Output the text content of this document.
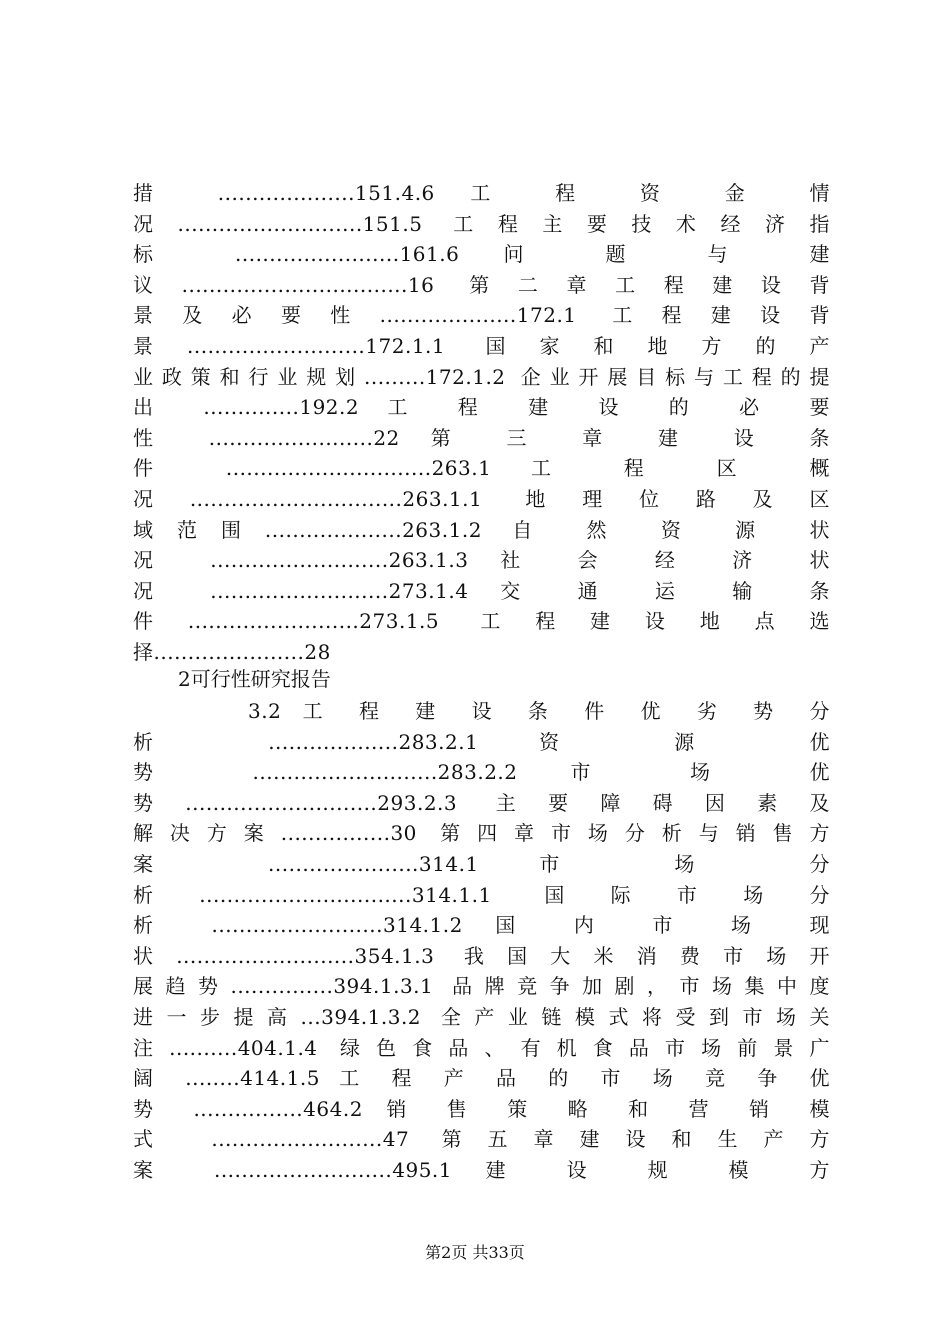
措 ....................151.4.6 工 程 资 金 情
况...........................151.5 工程主要技术经济指
标 ........................161.6 问 题 与 建
议.................................16 第二章工程建设背
景及必要性....................172.1 工程建设背
景..........................172.1.1 国家和地方的产
业政策和行业规划.........172.1.2 企业开展目标与工程的提
出 ..............192.2 工 程 建 设 的 必 要
性 ........................22 第 三 章 建 设 条
件 ..............................263.1 工 程 区 概
况...............................263.1.1 地理位路及区
域范围....................263.1.2 自 然 资 源 状
况 ..........................263.1.3 社 会 经 济 状
况 ..........................273.1.4 交 通 运 输 条
件.........................273.1.5 工程建设地点选
择......................28
2可行性研究报告
3.2 工 程 建 设 条 件 优 劣 势 分
析 ...................283.2.1 资 源 优
势 ...........................283.2.2 市 场 优
势............................293.2.3 主要障碍因素及
解决方案................30 第四章市场分析与销售方
案 ......................314.1 市 场 分
析...............................314.1.1 国际市场分
析 .........................314.1.2 国 内 市 场 现
状..........................354.1.3 我国大米消费市场开
展趋势...............394.1.3.1 品牌竞争加剧，市场集中度
进一步提高...394.1.3.2 全产业链模式将受到市场关
注..........404.1.4 绿色食品、有机食品市场前景广
阔 ........414.1.5 工 程 产 品 的 市 场 竞 争 优
势 ................464.2 销 售 策 略 和 营 销 模
式 .........................47 第五章建设和生产方
案 ..........................495.1 建 设 规 模 方
第2页 共33页
